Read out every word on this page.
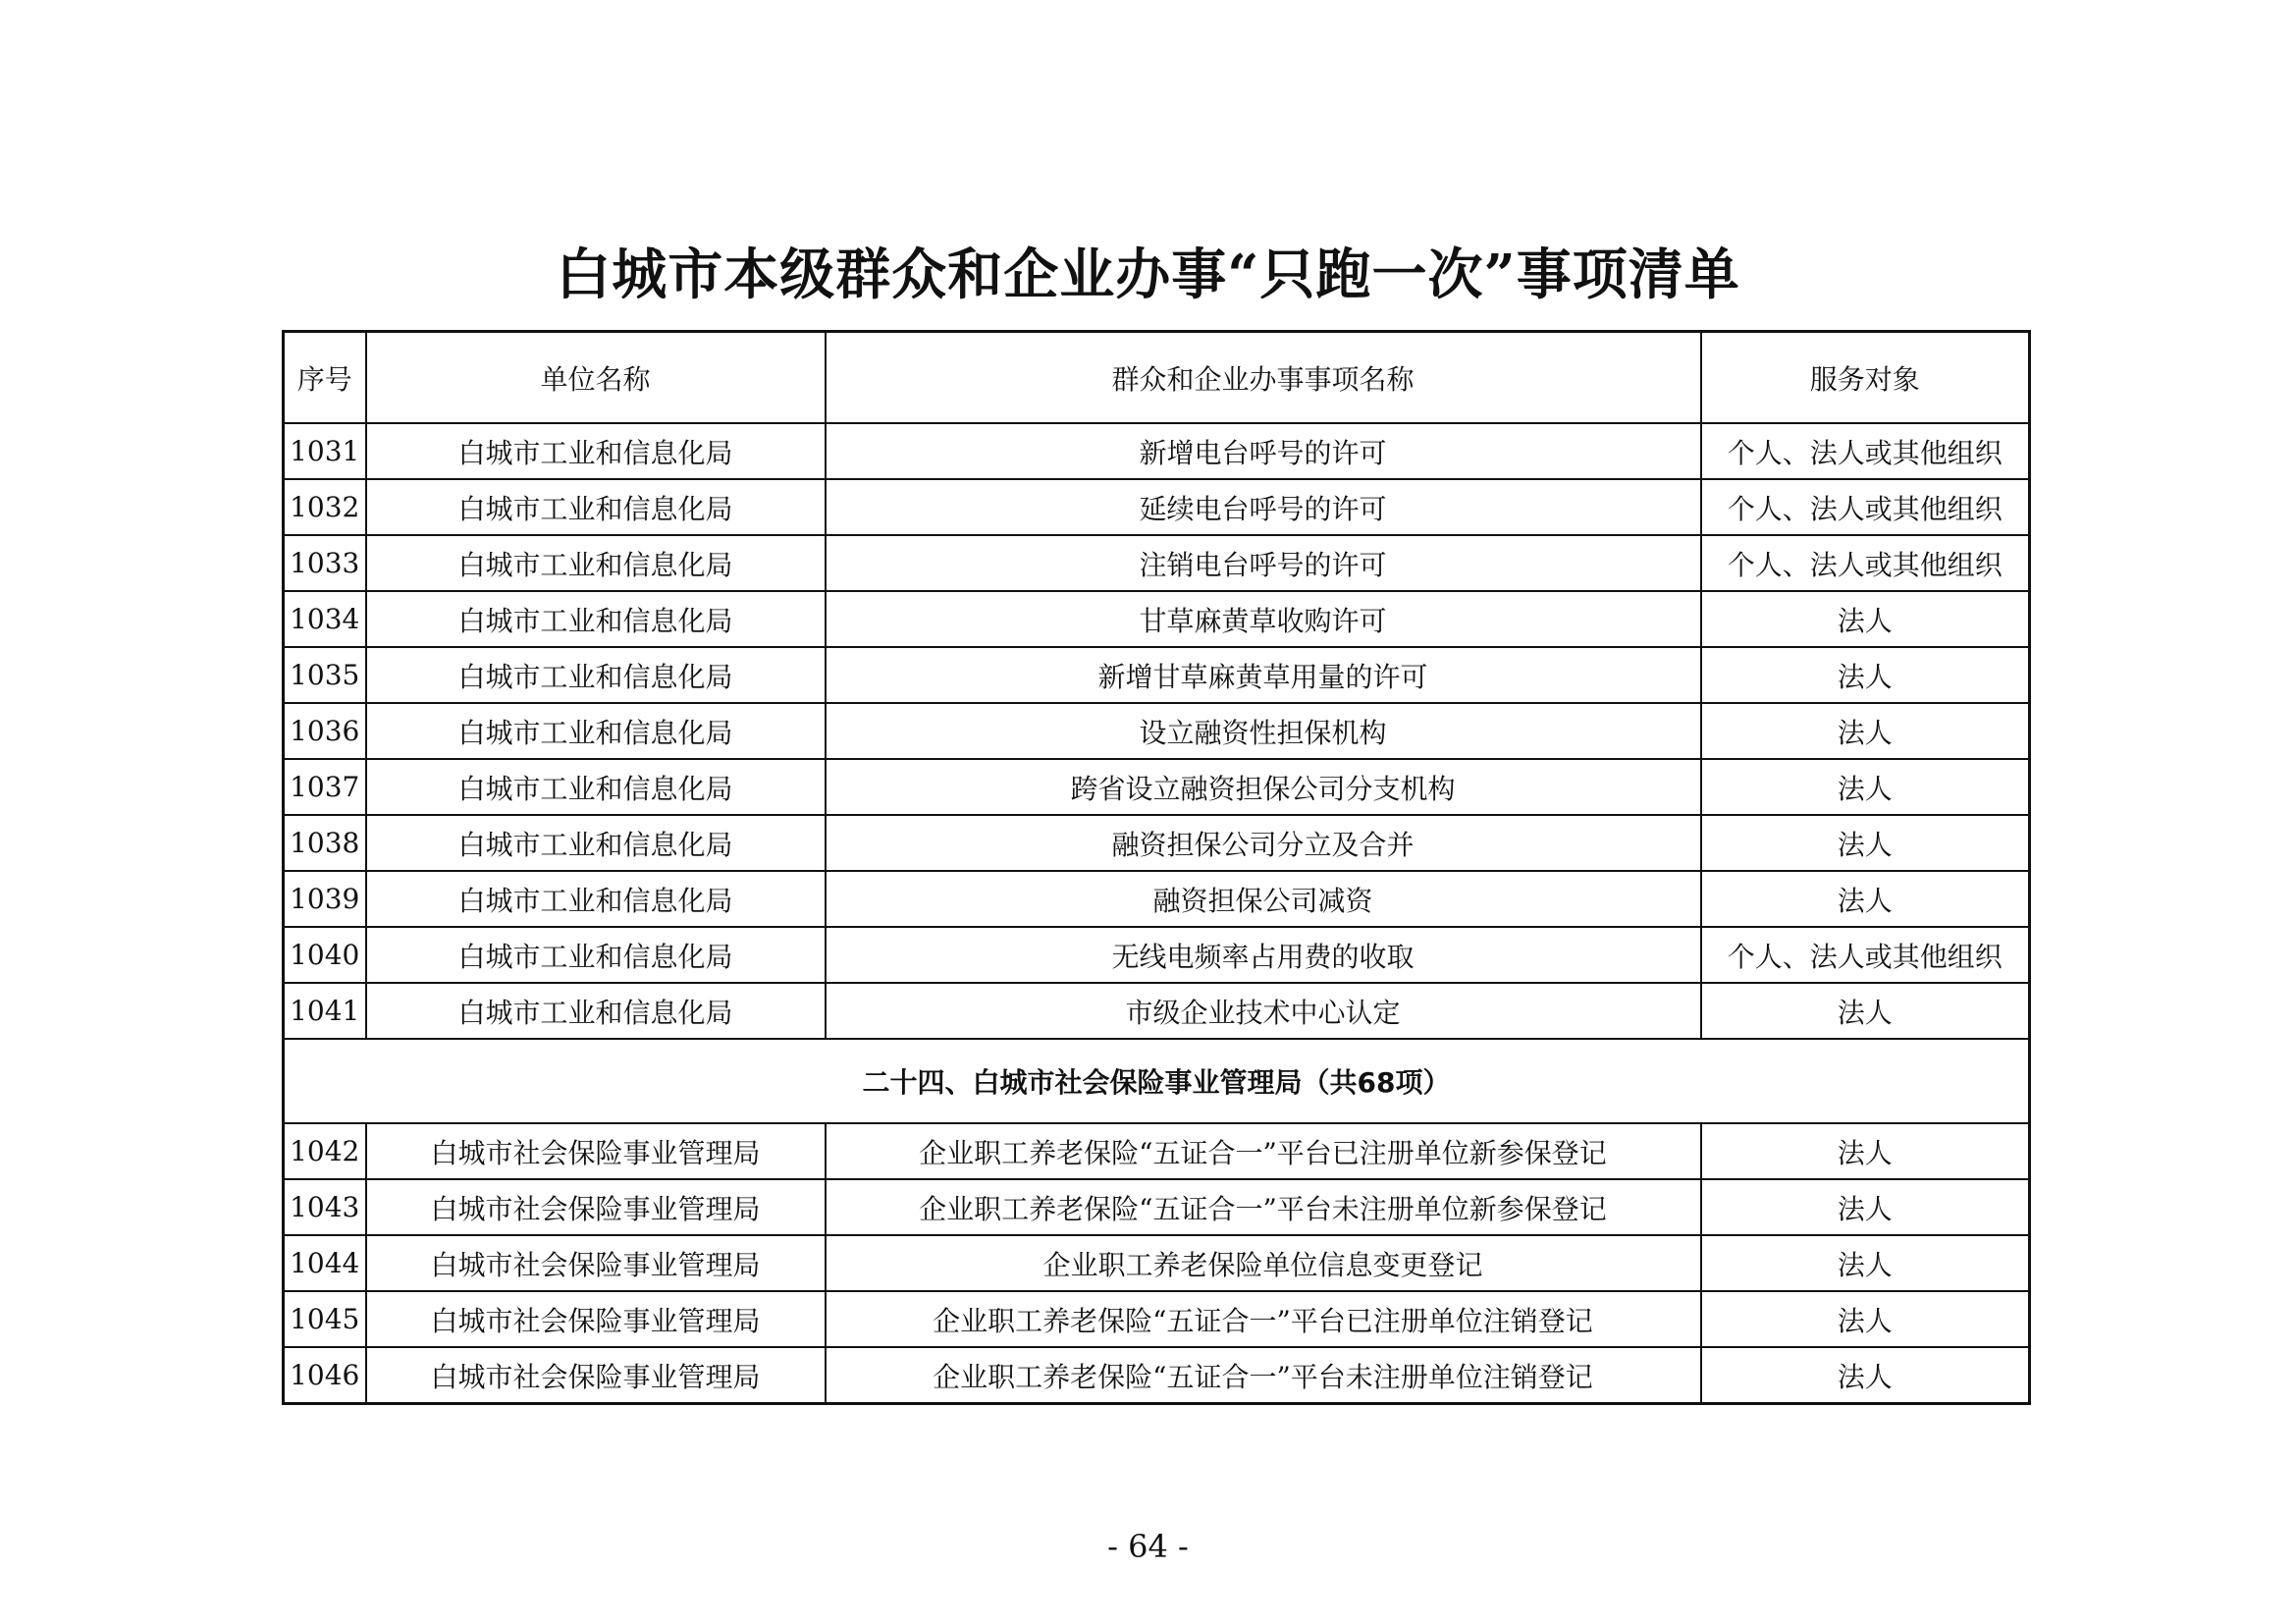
白城市本级群众和企业办事“只跑一次”事项清单
序号	单位名称	群众和企业办事事项名称	服务对象
1031	白城市工业和信息化局	新增电台呼号的许可	个人、法人或其他组织
1032	白城市工业和信息化局	延续电台呼号的许可	个人、法人或其他组织
1033	白城市工业和信息化局	注销电台呼号的许可	个人、法人或其他组织
1034	白城市工业和信息化局	甘草麻黄草收购许可	法人
1035	白城市工业和信息化局	新增甘草麻黄草用量的许可	法人
1036	白城市工业和信息化局	设立融资性担保机构	法人
1037	白城市工业和信息化局	跨省设立融资担保公司分支机构	法人
1038	白城市工业和信息化局	融资担保公司分立及合并	法人
1039	白城市工业和信息化局	融资担保公司减资	法人
1040	白城市工业和信息化局	无线电频率占用费的收取	个人、法人或其他组织
1041	白城市工业和信息化局	市级企业技术中心认定	法人
二十四、白城市社会保险事业管理局（共68项）			
1042	白城市社会保险事业管理局	企业职工养老保险“五证合一”平台已注册单位新参保登记	法人
1043	白城市社会保险事业管理局	企业职工养老保险“五证合一”平台未注册单位新参保登记	法人
1044	白城市社会保险事业管理局	企业职工养老保险单位信息变更登记	法人
1045	白城市社会保险事业管理局	企业职工养老保险“五证合一”平台已注册单位注销登记	法人
1046	白城市社会保险事业管理局	企业职工养老保险“五证合一”平台未注册单位注销登记	法人
- 64 -
